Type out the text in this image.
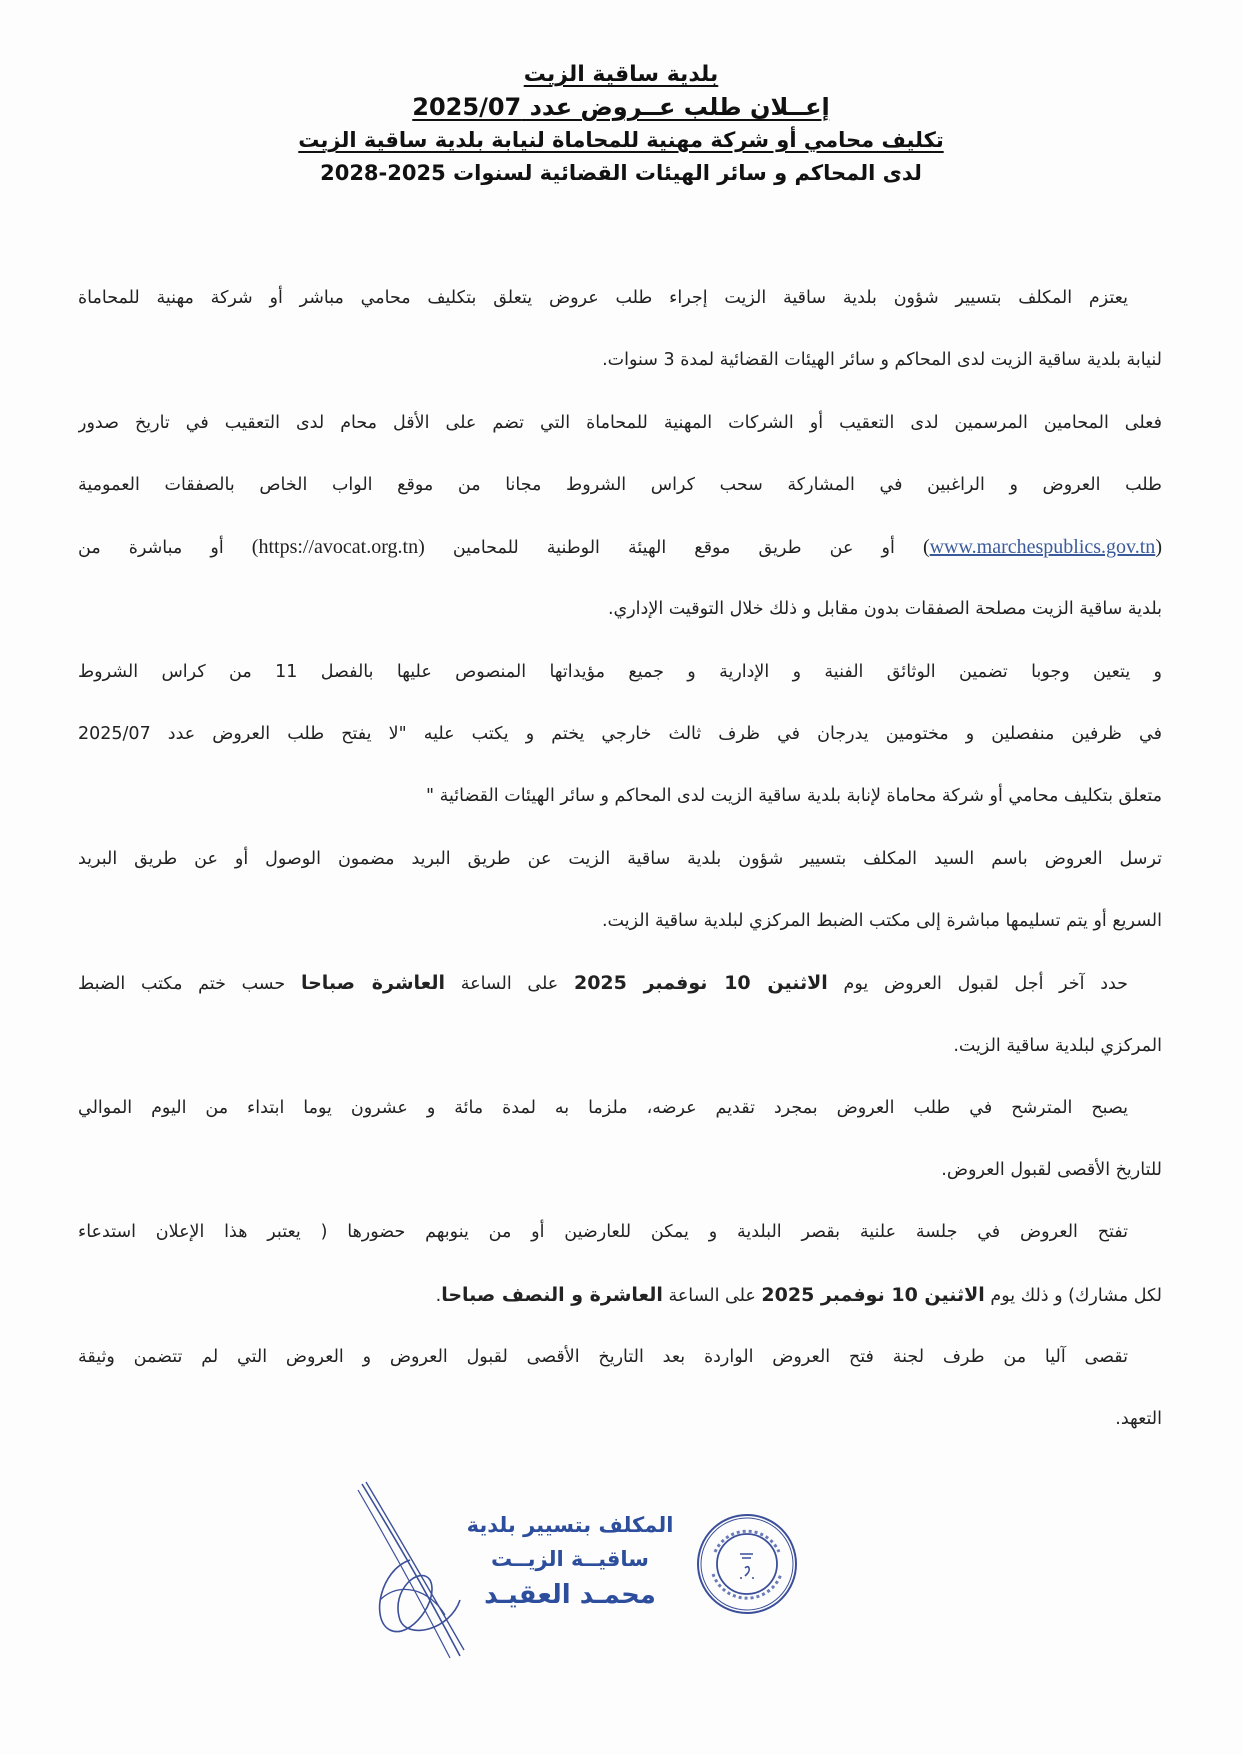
بلدية ساقية الزيت
إعــلان طلب عــروض عدد 2025/07
تكليف محامي أو شركة مهنية للمحاماة لنيابة بلدية ساقية الزيت
لدى المحاكم و سائر الهيئات القضائية لسنوات 2025-2028
يعتزم المكلف بتسيير شؤون بلدية ساقية الزيت إجراء طلب عروض يتعلق بتكليف محامي مباشر أو شركة مهنية للمحاماة
لنيابة بلدية ساقية الزيت لدى المحاكم و سائر الهيئات القضائية لمدة 3 سنوات.
فعلى المحامين المرسمين لدى التعقيب أو الشركات المهنية للمحاماة التي تضم على الأقل محام لدى التعقيب في تاريخ صدور
طلب العروض و الراغبين في المشاركة سحب كراس الشروط مجانا من موقع الواب الخاص بالصفقات العمومية
(www.marchespublics.gov.tn) أو عن طريق موقع الهيئة الوطنية للمحامين (https://avocat.org.tn) أو مباشرة من
بلدية ساقية الزيت مصلحة الصفقات بدون مقابل و ذلك خلال التوقيت الإداري.
و يتعين وجوبا تضمين الوثائق الفنية و الإدارية و جميع مؤيداتها المنصوص عليها بالفصل 11 من كراس الشروط
في ظرفين منفصلين و مختومين يدرجان في ظرف ثالث خارجي يختم و يكتب عليه "لا يفتح طلب العروض عدد 2025/07
متعلق بتكليف محامي أو شركة محاماة لإنابة بلدية ساقية الزيت لدى المحاكم و سائر الهيئات القضائية "
ترسل العروض باسم السيد المكلف بتسيير شؤون بلدية ساقية الزيت عن طريق البريد مضمون الوصول أو عن طريق البريد
السريع أو يتم تسليمها مباشرة إلى مكتب الضبط المركزي لبلدية ساقية الزيت.
حدد آخر أجل لقبول العروض يوم الاثنين 10 نوفمبر 2025 على الساعة العاشرة صباحا حسب ختم مكتب الضبط
المركزي لبلدية ساقية الزيت.
يصبح المترشح في طلب العروض بمجرد تقديم عرضه، ملزما به لمدة مائة و عشرون يوما ابتداء من اليوم الموالي
للتاريخ الأقصى لقبول العروض.
تفتح العروض في جلسة علنية بقصر البلدية و يمكن للعارضين أو من ينوبهم حضورها ( يعتبر هذا الإعلان استدعاء
لكل مشارك) و ذلك يوم الاثنين 10 نوفمبر 2025 على الساعة العاشرة و النصف صباحا.
تقصى آليا من طرف لجنة فتح العروض الواردة بعد التاريخ الأقصى لقبول العروض و العروض التي لم تتضمن وثيقة
التعهد.
المكلف بتسيير بلدية
ساقيــة الزيــت
محمـد العقيـد
